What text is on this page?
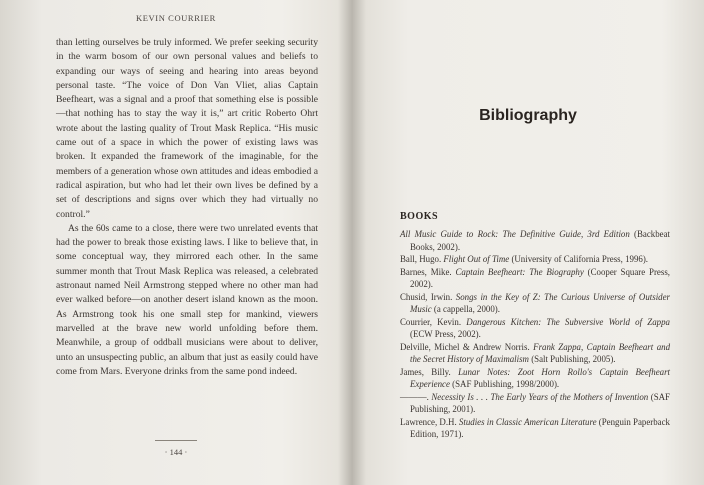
KEVIN COURRIER

than letting ourselves be truly informed. We prefer seeking security in the warm bosom of our own personal values and beliefs to expanding our ways of seeing and hearing into areas beyond personal taste. “The voice of Don Van Vliet, alias Captain Beefheart, was a signal and a proof that something else is possible—that nothing has to stay the way it is,” art critic Roberto Ohrt wrote about the lasting quality of Trout Mask Replica. “His music came out of a space in which the power of existing laws was broken. It expanded the framework of the imaginable, for the members of a generation whose own attitudes and ideas embodied a radical aspiration, but who had let their own lives be defined by a set of descriptions and signs over which they had virtually no control.”

As the 60s came to a close, there were two unrelated events that had the power to break those existing laws. I like to believe that, in some conceptual way, they mirrored each other. In the same summer month that Trout Mask Replica was released, a celebrated astronaut named Neil Armstrong stepped where no other man had ever walked before—on another desert island known as the moon. As Armstrong took his one small step for mankind, viewers marvelled at the brave new world unfolding before them. Meanwhile, a group of oddball musicians were about to deliver, unto an unsuspecting public, an album that just as easily could have come from Mars. Everyone drinks from the same pond indeed.

· 144 ·
Bibliography
BOOKS

All Music Guide to Rock: The Definitive Guide, 3rd Edition (Backbeat Books, 2002).

Ball, Hugo. Flight Out of Time (University of California Press, 1996).

Barnes, Mike. Captain Beefheart: The Biography (Cooper Square Press, 2002).

Chusid, Irwin. Songs in the Key of Z: The Curious Universe of Outsider Music (a cappella, 2000).

Courrier, Kevin. Dangerous Kitchen: The Subversive World of Zappa (ECW Press, 2002).

Delville, Michel & Andrew Norris. Frank Zappa, Captain Beefheart and the Secret History of Maximalism (Salt Publishing, 2005).

James, Billy. Lunar Notes: Zoot Horn Rollo's Captain Beefheart Experience (SAF Publishing, 1998/2000).

———. Necessity Is . . . The Early Years of the Mothers of Invention (SAF Publishing, 2001).

Lawrence, D.H. Studies in Classic American Literature (Penguin Paperback Edition, 1971).
